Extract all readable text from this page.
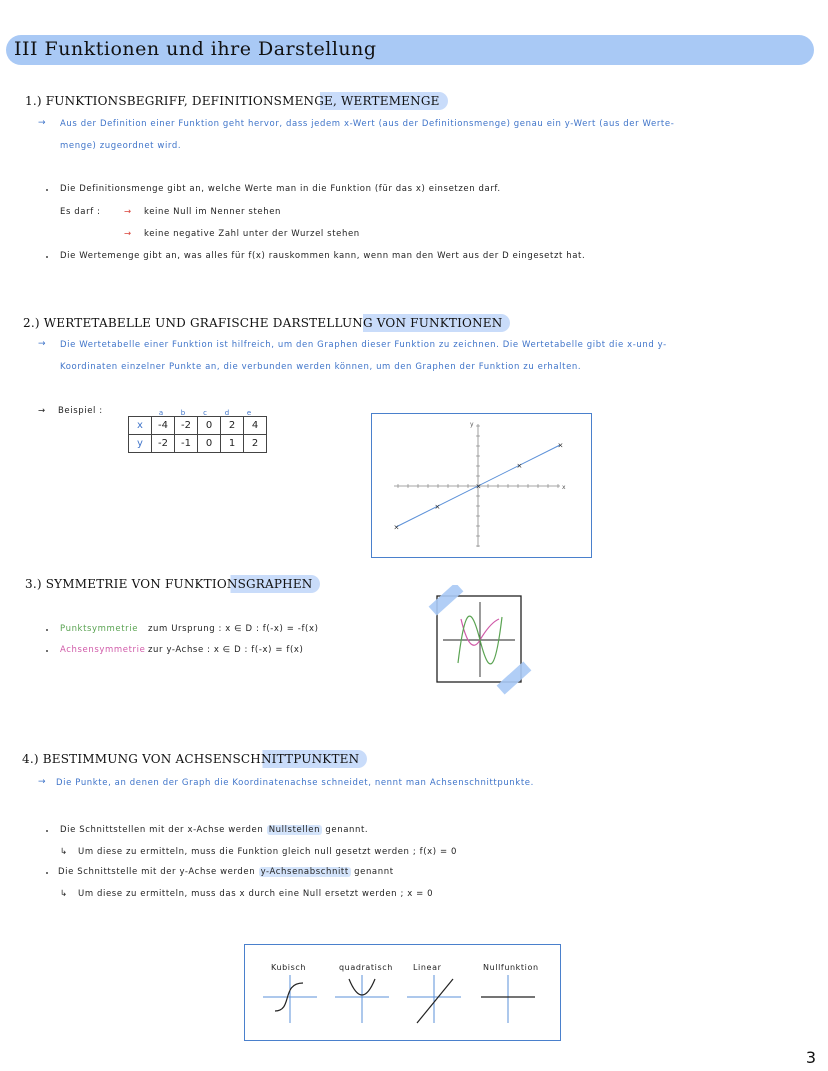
III Funktionen und ihre Darstellung
1.) FUNKTIONSBEGRIFF, DEFINITIONSMENGE, WERTEMENGE
→ Aus der Definition einer Funktion geht hervor, dass jedem x-Wert (aus der Definitionsmenge) genau ein y-Wert (aus der Werte-
menge) zugeordnet wird.
Die Definitionsmenge gibt an, welche Werte man in die Funktion (für das x) einsetzen darf.
Es darf :	→ keine Null im Nenner stehen
→ keine negative Zahl unter der Wurzel stehen
Die Wertemenge gibt an, was alles für f(x) rauskommen kann, wenn man den Wert aus der D eingesetzt hat.
2.) WERTETABELLE UND GRAFISCHE DARSTELLUNG VON FUNKTIONEN
→ Die Wertetabelle einer Funktion ist hilfreich, um den Graphen dieser Funktion zu zeichnen. Die Wertetabelle gibt die x-und y-
Koordinaten einzelner Punkte an, die verbunden werden können, um den Graphen der Funktion zu erhalten.
→ Beispiel :	a	b	c	d	e
x	-4	-2	0	2	4
y	-2	-1	0	1	2
x
y
×
×
×
×
×
3.) SYMMETRIE VON FUNKTIONSGRAPHEN
Punktsymmetrie zum Ursprung : x ∈ D : f(-x) = -f(x)
Achsensymmetrie zur y-Achse : x ∈ D : f(-x) = f(x)
4.) BESTIMMUNG VON ACHSENSCHNITTPUNKTEN
→ Die Punkte, an denen der Graph die Koordinatenachse schneidet, nennt man Achsenschnittpunkte.
Die Schnittstellen mit der x-Achse werden Nullstellen genannt.
↳ Um diese zu ermitteln, muss die Funktion gleich null gesetzt werden ; f(x) = 0
Die Schnittstelle mit der y-Achse werden y-Achsenabschnitt genannt
↳ Um diese zu ermitteln, muss das x durch eine Null ersetzt werden ; x = 0
Kubisch	quadratisch	Linear	Nullfunktion
3
